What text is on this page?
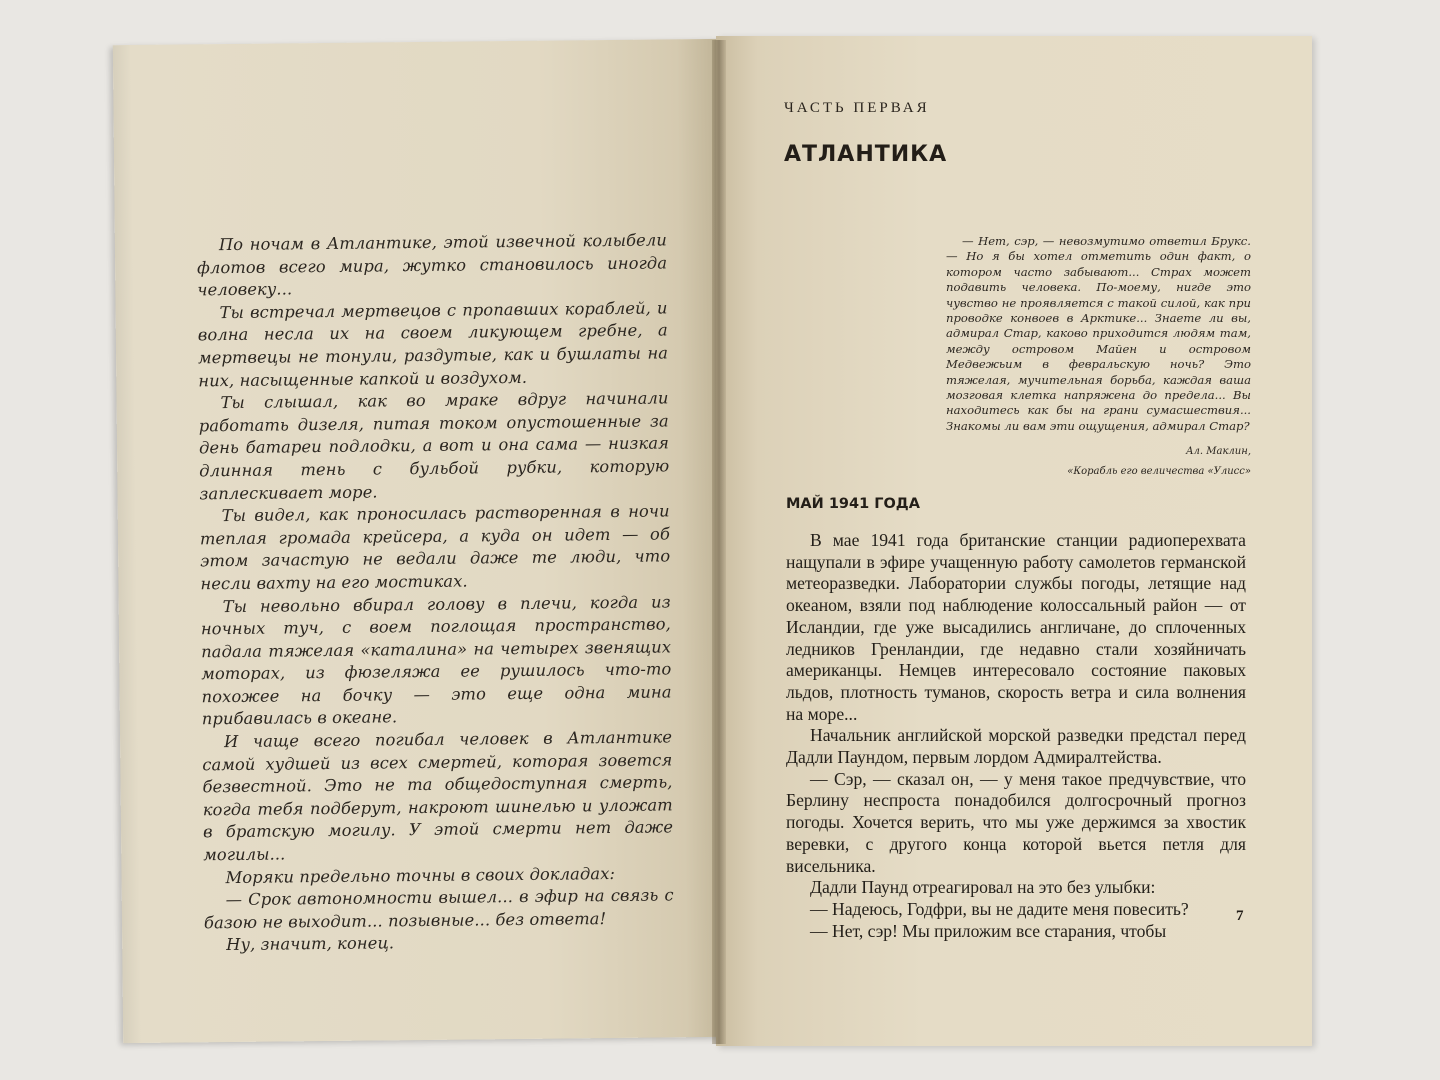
По ночам в Атлантике, этой извечной колыбели флотов всего мира, жутко становилось иногда человеку...

Ты встречал мертвецов с пропавших кораблей, и волна несла их на своем ликующем гребне, а мертвецы не тонули, раздутые, как и бушлаты на них, насыщенные капкой и воздухом.

Ты слышал, как во мраке вдруг начинали работать дизеля, питая током опустошенные за день батареи подлодки, а вот и она сама — низкая длинная тень с бульбой рубки, которую заплескивает море.

Ты видел, как проносилась растворенная в ночи теплая громада крейсера, а куда он идет — об этом зачастую не ведали даже те люди, что несли вахту на его мостиках.

Ты невольно вбирал голову в плечи, когда из ночных туч, с воем поглощая пространство, падала тяжелая «каталина» на четырех звенящих моторах, из фюзеляжа ее рушилось что-то похожее на бочку — это еще одна мина прибавилась в океане.

И чаще всего погибал человек в Атлантике самой худшей из всех смертей, которая зовется безвестной. Это не та общедоступная смерть, когда тебя подберут, накроют шинелью и уложат в братскую могилу. У этой смерти нет даже могилы...

Моряки предельно точны в своих докладах:

— Срок автономности вышел... в эфир на связь с базою не выходит... позывные... без ответа!

Ну, значит, конец.

ЧАСТЬ ПЕРВАЯ
АТЛАНТИКА

— Нет, сэр, — невозмутимо ответил Брукс. — Но я бы хотел отметить один факт, о котором часто забывают... Страх может подавить человека. По-моему, нигде это чувство не проявляется с такой силой, как при проводке конвоев в Арктике... Знаете ли вы, адмирал Стар, каково приходится людям там, между островом Майен и островом Медвежьим в февральскую ночь? Это тяжелая, мучительная борьба, каждая ваша мозговая клетка напряжена до предела... Вы находитесь как бы на грани сумасшествия... Знакомы ли вам эти ощущения, адмирал Стар?

Ал. Маклин,
«Корабль его величества «Улисс»
МАЙ 1941 ГОДА

В мае 1941 года британские станции радиоперехвата нащупали в эфире учащенную работу самолетов германской метеоразведки. Лаборатории службы погоды, летящие над океаном, взяли под наблюдение колоссальный район — от Исландии, где уже высадились англичане, до сплоченных ледников Гренландии, где недавно стали хозяйничать американцы. Немцев интересовало состояние паковых льдов, плотность туманов, скорость ветра и сила волнения на море...

Начальник английской морской разведки предстал перед Дадли Паундом, первым лордом Адмиралтейства.

— Сэр, — сказал он, — у меня такое предчувствие, что Берлину неспроста понадобился долгосрочный прогноз погоды. Хочется верить, что мы уже держимся за хвостик веревки, с другого конца которой вьется петля для висельника.

Дадли Паунд отреагировал на это без улыбки:

— Надеюсь, Годфри, вы не дадите меня повесить?

— Нет, сэр! Мы приложим все старания, чтобы

7
